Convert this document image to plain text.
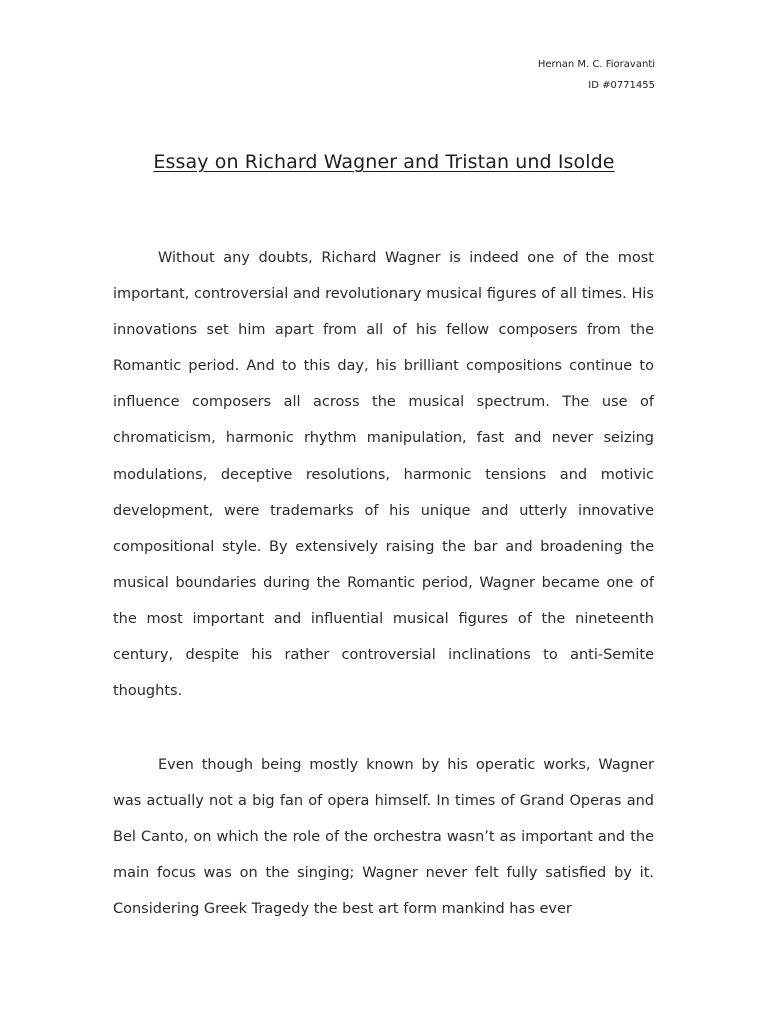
Hernan M. C. Fioravanti
ID #0771455
Essay on Richard Wagner and Tristan und Isolde

Without any doubts, Richard Wagner is indeed one of the most important, controversial and revolutionary musical figures of all times. His innovations set him apart from all of his fellow composers from the Romantic period. And to this day, his brilliant compositions continue to influence composers all across the musical spectrum. The use of chromaticism, harmonic rhythm manipulation, fast and never seizing modulations, deceptive resolutions, harmonic tensions and motivic development, were trademarks of his unique and utterly innovative compositional style. By extensively raising the bar and broadening the musical boundaries during the Romantic period, Wagner became one of the most important and influential musical figures of the nineteenth century, despite his rather controversial inclinations to anti-Semite thoughts.

Even though being mostly known by his operatic works, Wagner was actually not a big fan of opera himself. In times of Grand Operas and Bel Canto, on which the role of the orchestra wasn’t as important and the main focus was on the singing; Wagner never felt fully satisfied by it. Considering Greek Tragedy the best art form mankind has ever
